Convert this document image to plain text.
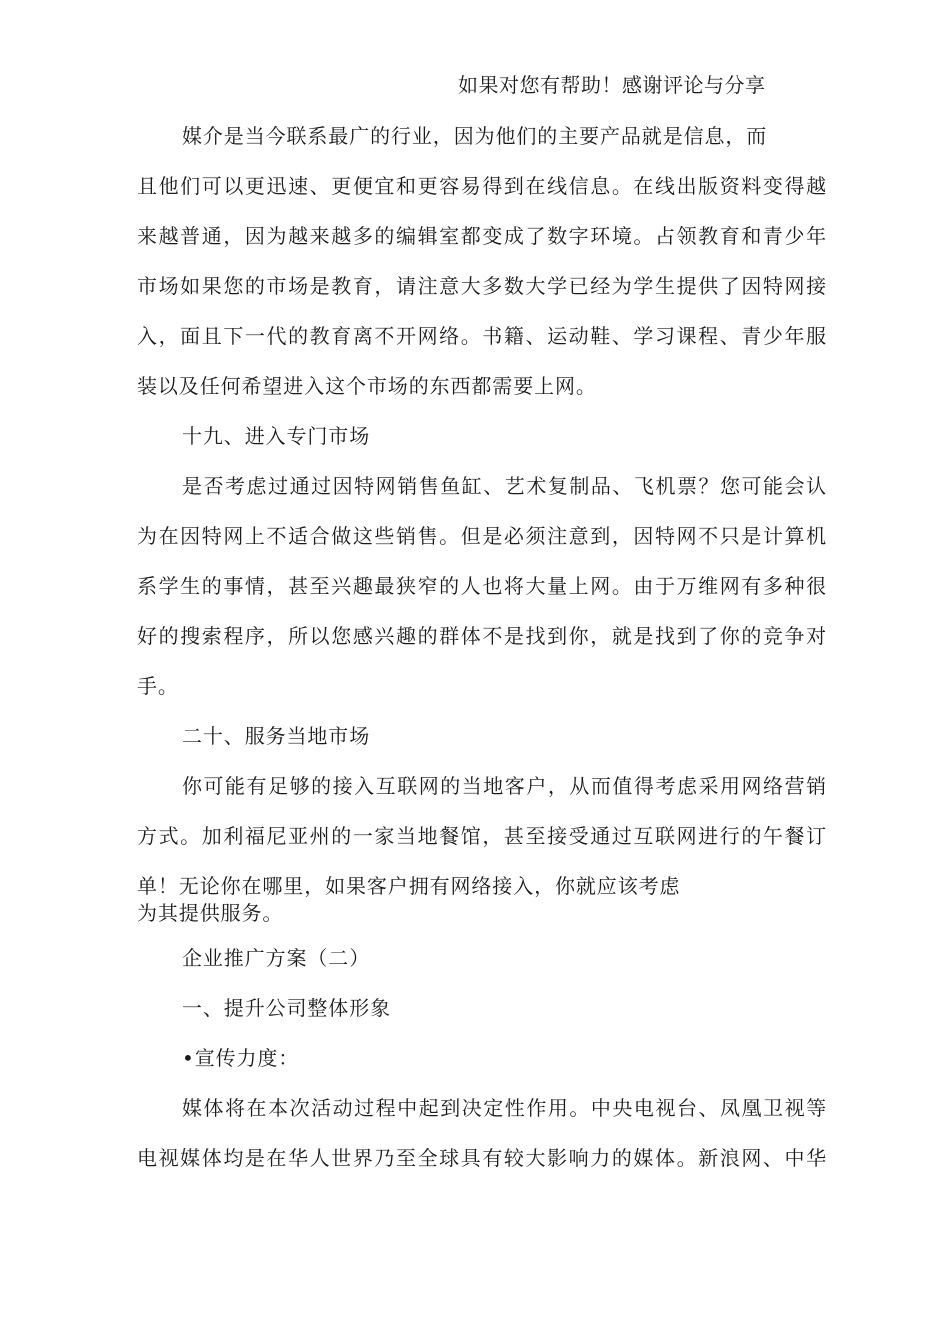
如果对您有帮助！感谢评论与分享
媒介是当今联系最广的行业，因为他们的主要产品就是信息，而
且他们可以更迅速、更便宜和更容易得到在线信息。在线出版资料变得越
来越普通，因为越来越多的编辑室都变成了数字环境。占领教育和青少年
市场如果您的市场是教育，请注意大多数大学已经为学生提供了因特网接
入，面且下一代的教育离不开网络。书籍、运动鞋、学习课程、青少年服
装以及任何希望进入这个市场的东西都需要上网。
十九、进入专门市场
是否考虑过通过因特网销售鱼缸、艺术复制品、飞机票？您可能会认
为在因特网上不适合做这些销售。但是必须注意到，因特网不只是计算机
系学生的事情，甚至兴趣最狭窄的人也将大量上网。由于万维网有多种很
好的搜索程序，所以您感兴趣的群体不是找到你，就是找到了你的竞争对
手。
二十、服务当地市场
你可能有足够的接入互联网的当地客户，从而值得考虑采用网络营销
方式。加利福尼亚州的一家当地餐馆，甚至接受通过互联网进行的午餐订
单！无论你在哪里，如果客户拥有网络接入，你就应该考虑
为其提供服务。
企业推广方案（二）
一、提升公司整体形象
•宣传力度：
媒体将在本次活动过程中起到决定性作用。中央电视台、凤凰卫视等
电视媒体均是在华人世界乃至全球具有较大影响力的媒体。新浪网、中华
